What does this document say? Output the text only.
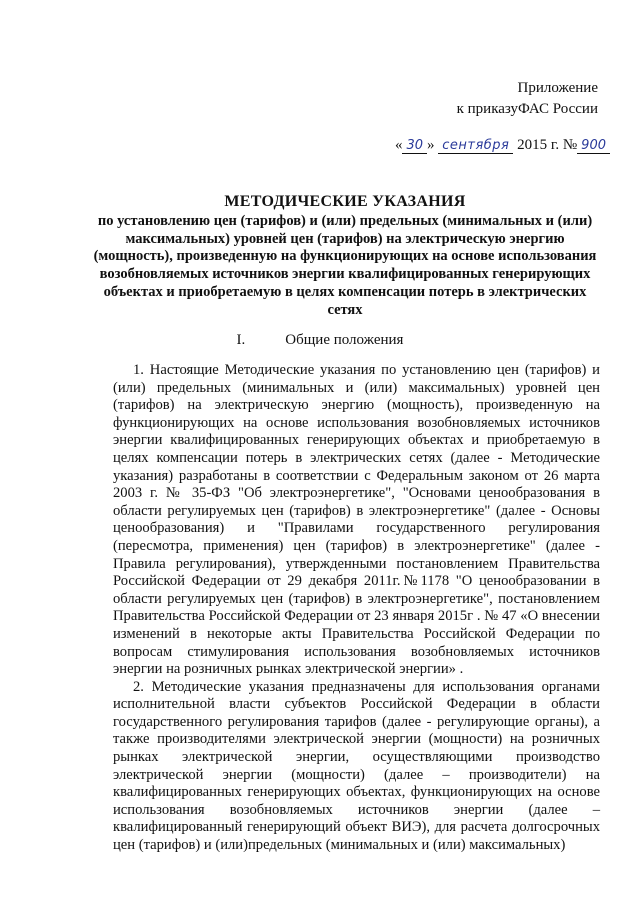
Приложение
к приказуФАС России
« 30 » сентября 2015 г. № 900
МЕТОДИЧЕСКИЕ УКАЗАНИЯ
по установлению цен (тарифов) и (или) предельных (минимальных и (или) максимальных) уровней цен (тарифов) на электрическую энергию (мощность), произведенную на функционирующих на основе использования возобновляемых источников энергии квалифицированных генерирующих объектах и приобретаемую в целях компенсации потерь в электрических сетях
I.	Общие положения

1. Настоящие Методические указания по установлению цен (тарифов) и (или) предельных (минимальных и (или) максимальных) уровней цен (тарифов) на электрическую энергию (мощность), произведенную на функционирующих на основе использования возобновляемых источников энергии квалифицированных генерирующих объектах и приобретаемую в целях компенсации потерь в электрических сетях (далее - Методические указания) разработаны в соответствии с Федеральным законом от 26 марта 2003 г. № 35-ФЗ "Об электроэнергетике", "Основами ценообразования в области регулируемых цен (тарифов) в электроэнергетике" (далее - Основы ценообразования) и "Правилами государственного регулирования (пересмотра, применения) цен (тарифов) в электроэнергетике" (далее - Правила регулирования), утвержденными постановлением Правительства Российской Федерации от 29 декабря 2011г.№1178 "О ценообразовании в области регулируемых цен (тарифов) в электроэнергетике", постановлением Правительства Российской Федерации от 23 января 2015г . № 47 «О внесении изменений в некоторые акты Правительства Российской Федерации по вопросам стимулирования использования возобновляемых источников энергии на розничных рынках электрической энергии» .

2. Методические указания предназначены для использования органами исполнительной власти субъектов Российской Федерации в области государственного регулирования тарифов (далее - регулирующие органы), а также производителями электрической энергии (мощности) на розничных рынках электрической энергии, осуществляющими производство электрической энергии (мощности) (далее – производители) на квалифицированных генерирующих объектах, функционирующих на основе использования возобновляемых источников энергии (далее – квалифицированный генерирующий объект ВИЭ), для расчета долгосрочных цен (тарифов) и (или)предельных (минимальных и (или) максимальных)
